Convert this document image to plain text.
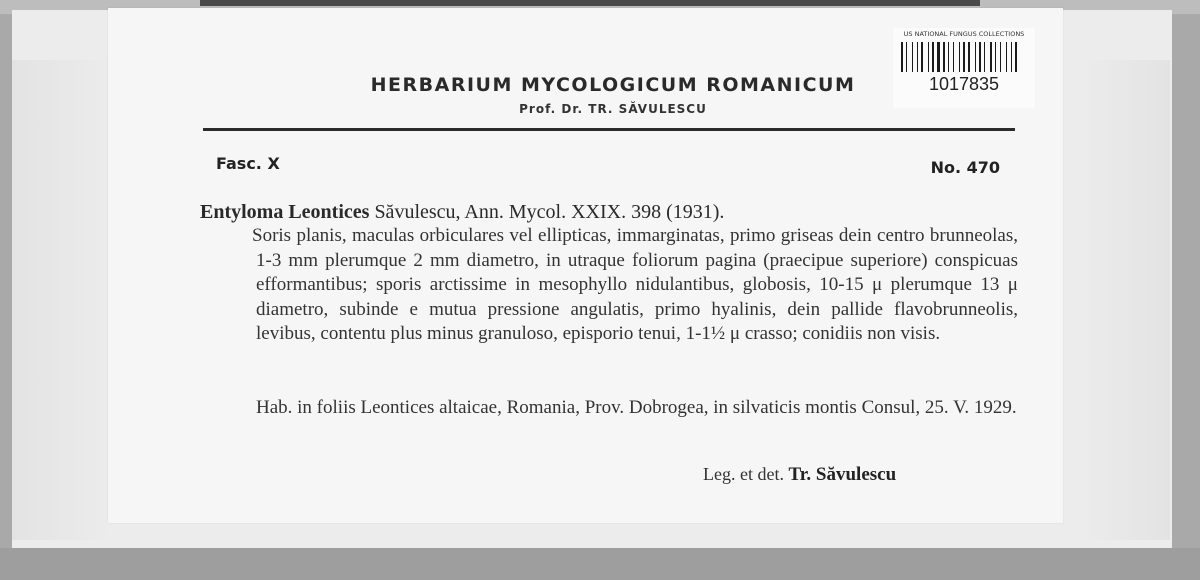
HERBARIUM MYCOLOGICUM ROMANICUM
Prof. Dr. TR. SĂVULESCU
US NATIONAL FUNGUS COLLECTIONS
1017835
Fasc. X	No. 470
Entyloma Leontices Săvulescu, Ann. Mycol. XXIX. 398 (1931).

Soris planis, maculas orbiculares vel ellipticas, immarginatas, primo griseas dein centro brunneolas, 1-3 mm plerumque 2 mm diametro, in utraque foliorum pagina (praecipue superiore) conspicuas efformantibus; sporis arctissime in mesophyllo nidulantibus, globosis, 10-15 μ plerumque 13 μ diametro, subinde e mutua pressione angulatis, primo hyalinis, dein pallide flavobrunneolis, levibus, contentu plus minus granuloso, episporio tenui, 1-1½ μ crasso; conidiis non visis.

Hab. in foliis Leontices altaicae, Romania, Prov. Dobrogea, in silvaticis montis Consul, 25. V. 1929.
Leg. et det. Tr. Săvulescu
